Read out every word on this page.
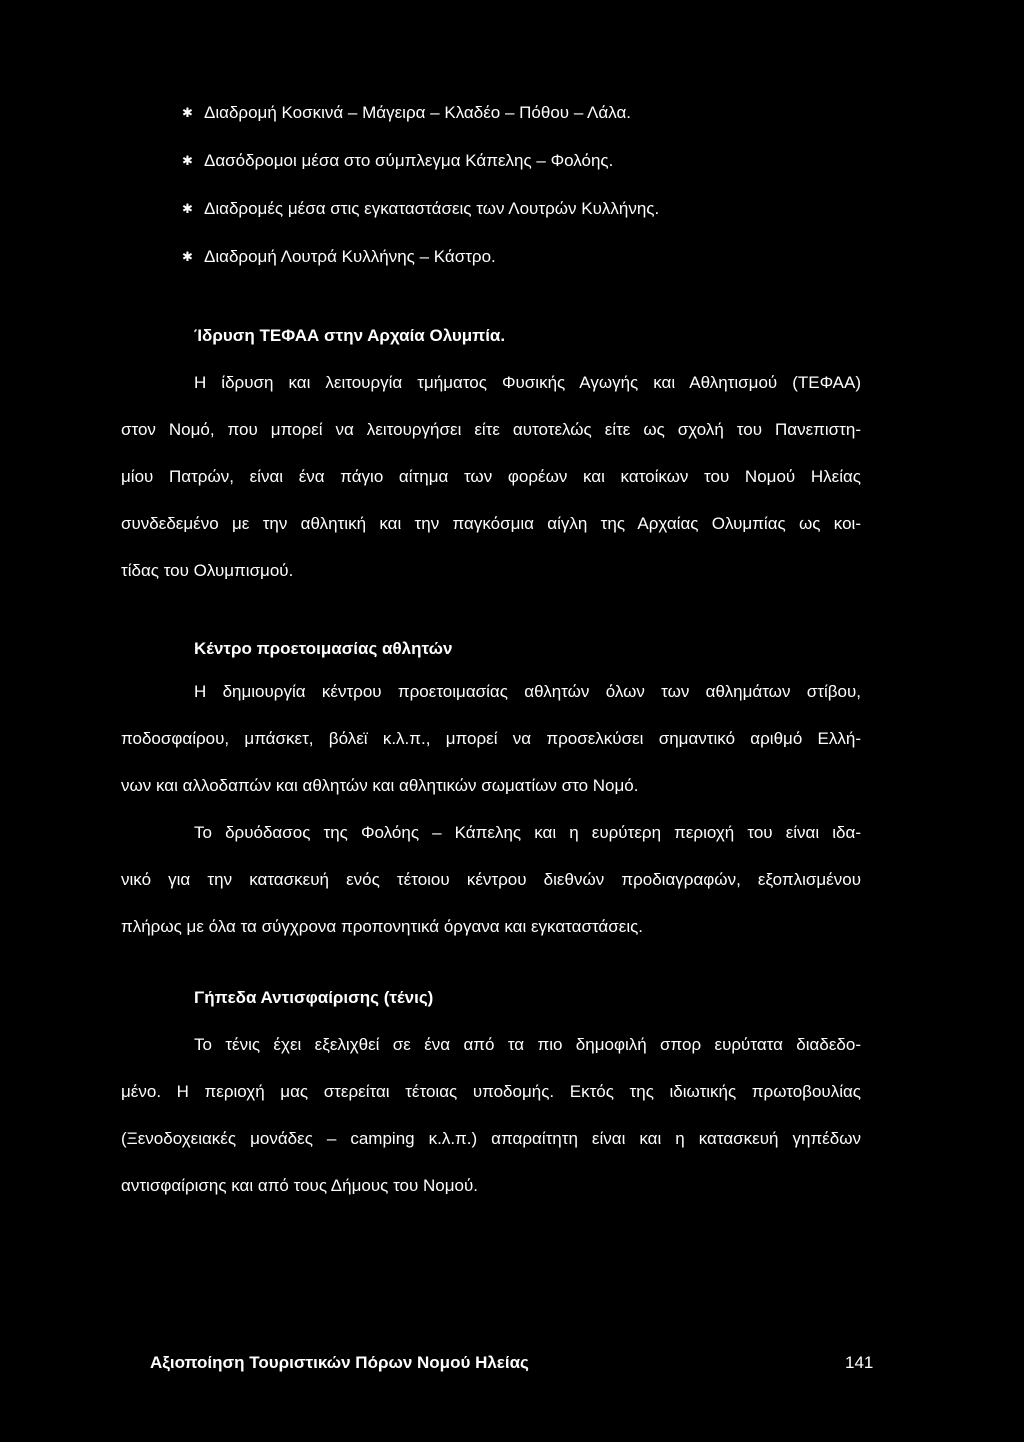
✱ Διαδρομή Κοσκινά – Μάγειρα – Κλαδέο – Πόθου – Λάλα.
✱ Δασόδρομοι μέσα στο σύμπλεγμα Κάπελης – Φολόης.
✱ Διαδρομές μέσα στις εγκαταστάσεις των Λουτρών Κυλλήνης.
✱ Διαδρομή Λουτρά Κυλλήνης – Κάστρο.
Ίδρυση ΤΕΦΑΑ στην Αρχαία Ολυμπία.
Η ίδρυση και λειτουργία τμήματος Φυσικής Αγωγής και Αθλητισμού (ΤΕΦΑΑ)
στον Νομό, που μπορεί να λειτουργήσει είτε αυτοτελώς είτε ως σχολή του Πανεπιστη-
μίου Πατρών, είναι ένα πάγιο αίτημα των φορέων και κατοίκων του Νομού Ηλείας
συνδεδεμένο με την αθλητική και την παγκόσμια αίγλη της Αρχαίας Ολυμπίας ως κοι-
τίδας του Ολυμπισμού.
Κέντρο προετοιμασίας αθλητών
Η δημιουργία κέντρου προετοιμασίας αθλητών όλων των αθλημάτων στίβου,
ποδοσφαίρου, μπάσκετ, βόλεϊ κ.λ.π., μπορεί να προσελκύσει σημαντικό αριθμό Ελλή-
νων και αλλοδαπών και αθλητών και αθλητικών σωματίων στο Νομό.
Το δρυόδασος της Φολόης – Κάπελης και η ευρύτερη περιοχή του είναι ιδα-
νικό για την κατασκευή ενός τέτοιου κέντρου διεθνών προδιαγραφών, εξοπλισμένου
πλήρως με όλα τα σύγχρονα προπονητικά όργανα και εγκαταστάσεις.
Γήπεδα Αντισφαίρισης (τένις)
Το τένις έχει εξελιχθεί σε ένα από τα πιο δημοφιλή σπορ ευρύτατα διαδεδο-
μένο. Η περιοχή μας στερείται τέτοιας υποδομής. Εκτός της ιδιωτικής πρωτοβουλίας
(Ξενοδοχειακές μονάδες – camping κ.λ.π.) απαραίτητη είναι και η κατασκευή γηπέδων
αντισφαίρισης και από τους Δήμους του Νομού.
Αξιοποίηση Τουριστικών Πόρων Νομού Ηλείας	141
